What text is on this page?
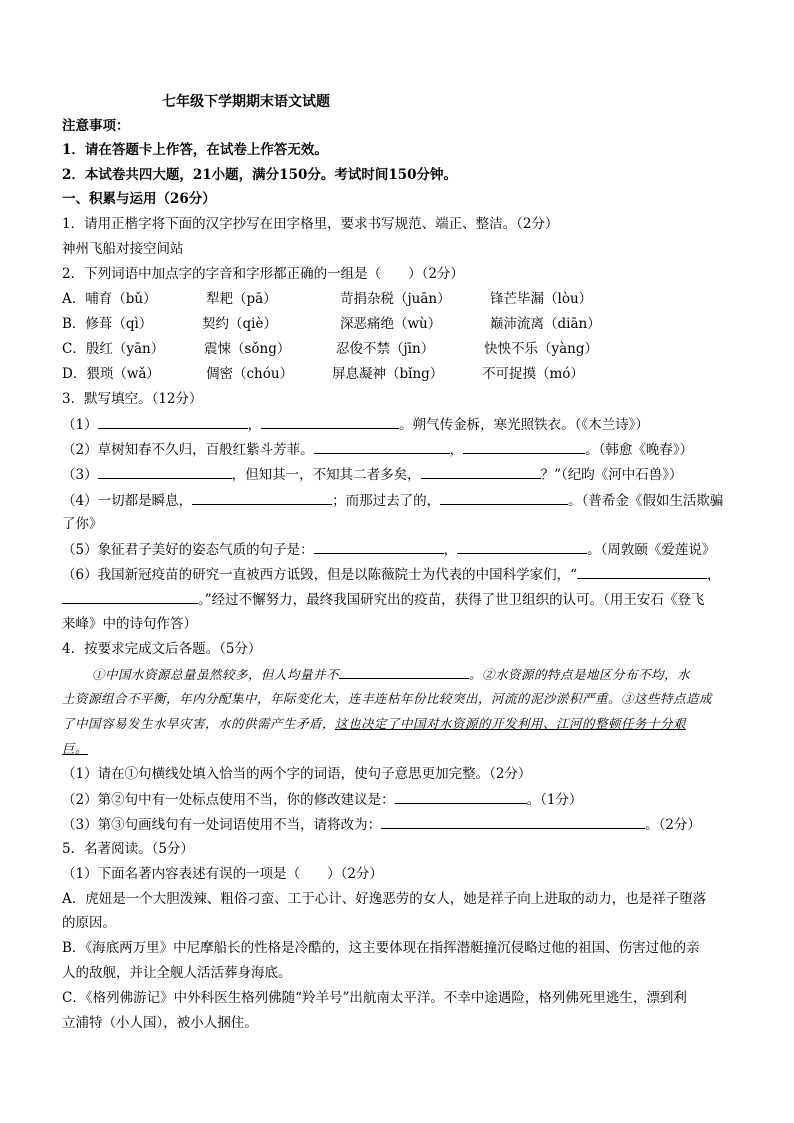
七年级下学期期末语文试题
注意事项：
1．请在答题卡上作答，在试卷上作答无效。
2．本试卷共四大题，21小题，满分150分。考试时间150分钟。
一、积累与运用（26分）
1．请用正楷字将下面的汉字抄写在田字格里，要求书写规范、端正、整洁。（2分）
神州飞船对接空间站
2．下列词语中加点字的字音和字形都正确的一组是（　　）（2分）
A．哺育（bǔ）	犁耙（pā）	苛捐杂税（juān）	锋芒毕漏（lòu）
B．修葺（qì）	契约（qiè）	深恶痛绝（wù）	巅沛流离（diān）
C．殷红（yān）	震悚（sǒng）	忍俊不禁（jīn）	快怏不乐（yàng）
D．猥琐（wǎ）	倜密（chóu）	屏息凝神（bǐng）	不可捉摸（mó）
3．默写填空。（12分）
（1）	，	。朔气传金柝，寒光照铁衣。（《木兰诗》）
（2）草树知春不久归，百般红紫斗芳菲。	，	。（韩愈《晚春》）
（3）	，但知其一，不知其二者多矣，	？”（纪昀《河中石兽》）
（4）一切都是瞬息，	；而那过去了的，	。（普希金《假如生活欺骗
了你》
（5）象征君子美好的姿态气质的句子是：	，	。（周敦颐《爱莲说》
（6）我国新冠疫苗的研究一直被西方诋毁，但是以陈薇院士为代表的中国科学家们，“	，
。”经过不懈努力，最终我国研究出的疫苗，获得了世卫组织的认可。（用王安石《登飞
来峰》中的诗句作答）
4．按要求完成文后各题。（5分）
①中国水资源总量虽然较多，但人均量并不	。②水资源的特点是地区分布不均，水
土资源组合不平衡，年内分配集中，年际变化大，连丰连枯年份比较突出，河流的泥沙淤积严重。③这些特点造成
了中国容易发生水旱灾害，水的供需产生矛盾，这也决定了中国对水资源的开发利用、江河的整顿任务十分艰
巨。
（1）请在①句横线处填入恰当的两个字的词语，使句子意思更加完整。（2分）
（2）第②句中有一处标点使用不当，你的修改建议是：	。（1分）
（3）第③句画线句有一处词语使用不当，请将改为：	。（2分）
5．名著阅读。（5分）
（1）下面名著内容表述有误的一项是（　　）（2分）
A．虎妞是一个大胆泼辣、粗俗刁蛮、工于心计、好逸恶劳的女人，她是祥子向上进取的动力，也是祥子堕落
的原因。
B．《海底两万里》中尼摩船长的性格是冷酷的，这主要体现在指挥潜艇撞沉侵略过他的祖国、伤害过他的亲
人的敌舰，并让全舰人活活葬身海底。
C．《格列佛游记》中外科医生格列佛随“羚羊号”出航南太平洋。不幸中途遇险，格列佛死里逃生，漂到利
立浦特（小人国），被小人捆住。
